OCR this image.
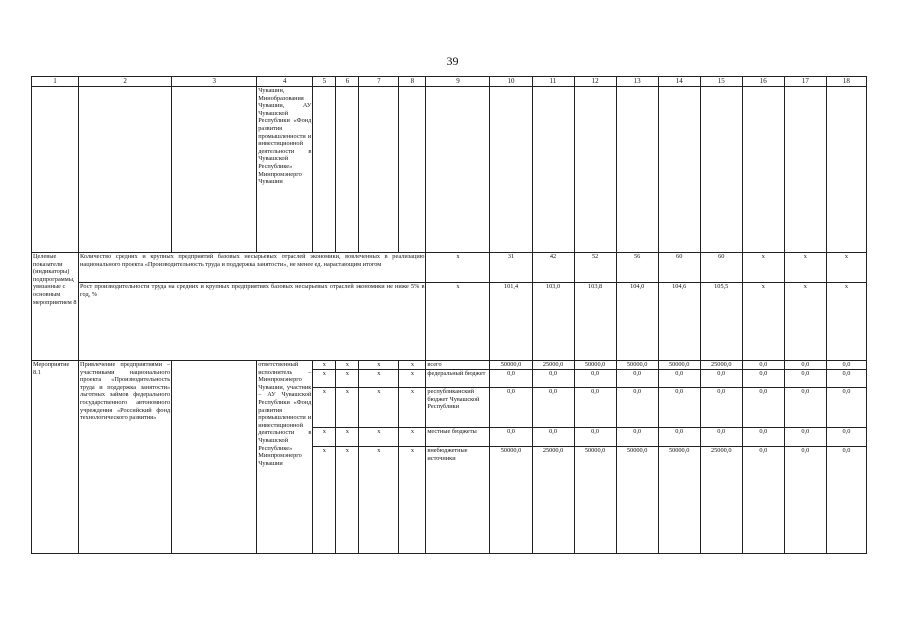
39
1	2	3	4	5	6	7	8	9	10	11	12	13	14	15	16	17	18
			Чукашин, Минобразования Чувашии, АУ Чувашской Республики «Фонд развития промышленности и инвестиционной деятельности в Чувашской Республике» Минпромэнерго Чувашии														
Целевые показатели (индикаторы) подпрограммы, увязанные с основным мероприятием 8	Количество средних и крупных предприятий базовых несырьевых отраслей экономики, вовлеченных в реализацию национального проекта «Производительность труда и поддержка занятости», не менее ед. нарастающим итогом							x	31	42	52	56	60	60	x	x	x
	Рост производительности труда на средних и крупных предприятиях базовых несырьевых отраслей экономики не ниже 5% в год, %							x	101,4	103,0	103,8	104,0	104,6	105,5	x	x	x
Мероприятие 8.1	Привлечение предприятиями – участниками национального проекта «Производительность труда и поддержка занятости» льготных займов федерального государственного автономного учреждения «Российский фонд технологического развития»		ответственный исполнитель – Минпромэнерго Чувашии, участник – АУ Чувашской Республики «Фонд развития промышленности и инвестиционной деятельности в Чувашской Республике» Минпромэнерго Чувашии	x	x	x	x	всего	50000,0	25000,0	50000,0	50000,0	50000,0	25000,0	0,0	0,0	0,0
				x	x	x	x	федеральный бюджет	0,0	0,0	0,0	0,0	0,0	0,0	0,0	0,0	0,0
				x	x	x	x	республиканский бюджет Чувашской Республики	0,0	0,0	0,0	0,0	0,0	0,0	0,0	0,0	0,0
				x	x	x	x	местные бюджеты	0,0	0,0	0,0	0,0	0,0	0,0	0,0	0,0	0,0
				x	x	x	x	внебюджетные источники	50000,0	25000,0	50000,0	50000,0	50000,0	25000,0	0,0	0,0	0,0
